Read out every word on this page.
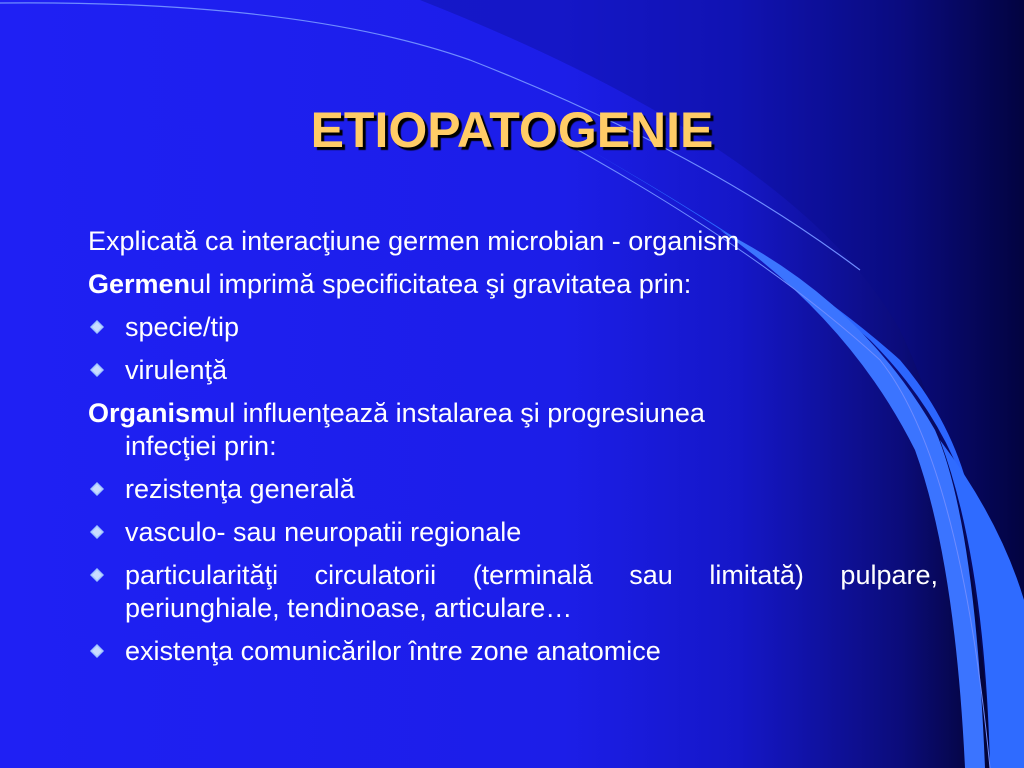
ETIOPATOGENIE

Explicată ca interacţiune germen microbian - organism

Germenul imprimă specificitatea şi gravitatea prin:

specie/tip
virulenţă

Organismul influenţează instalarea şi progresiunea
infecţiei prin:

rezistenţa generală
vasculo- sau neuropatii regionale
particularităţi circulatorii (terminală sau limitată) pulpare, periunghiale, tendinoase, articulare…
existenţa comunicărilor între zone anatomice
